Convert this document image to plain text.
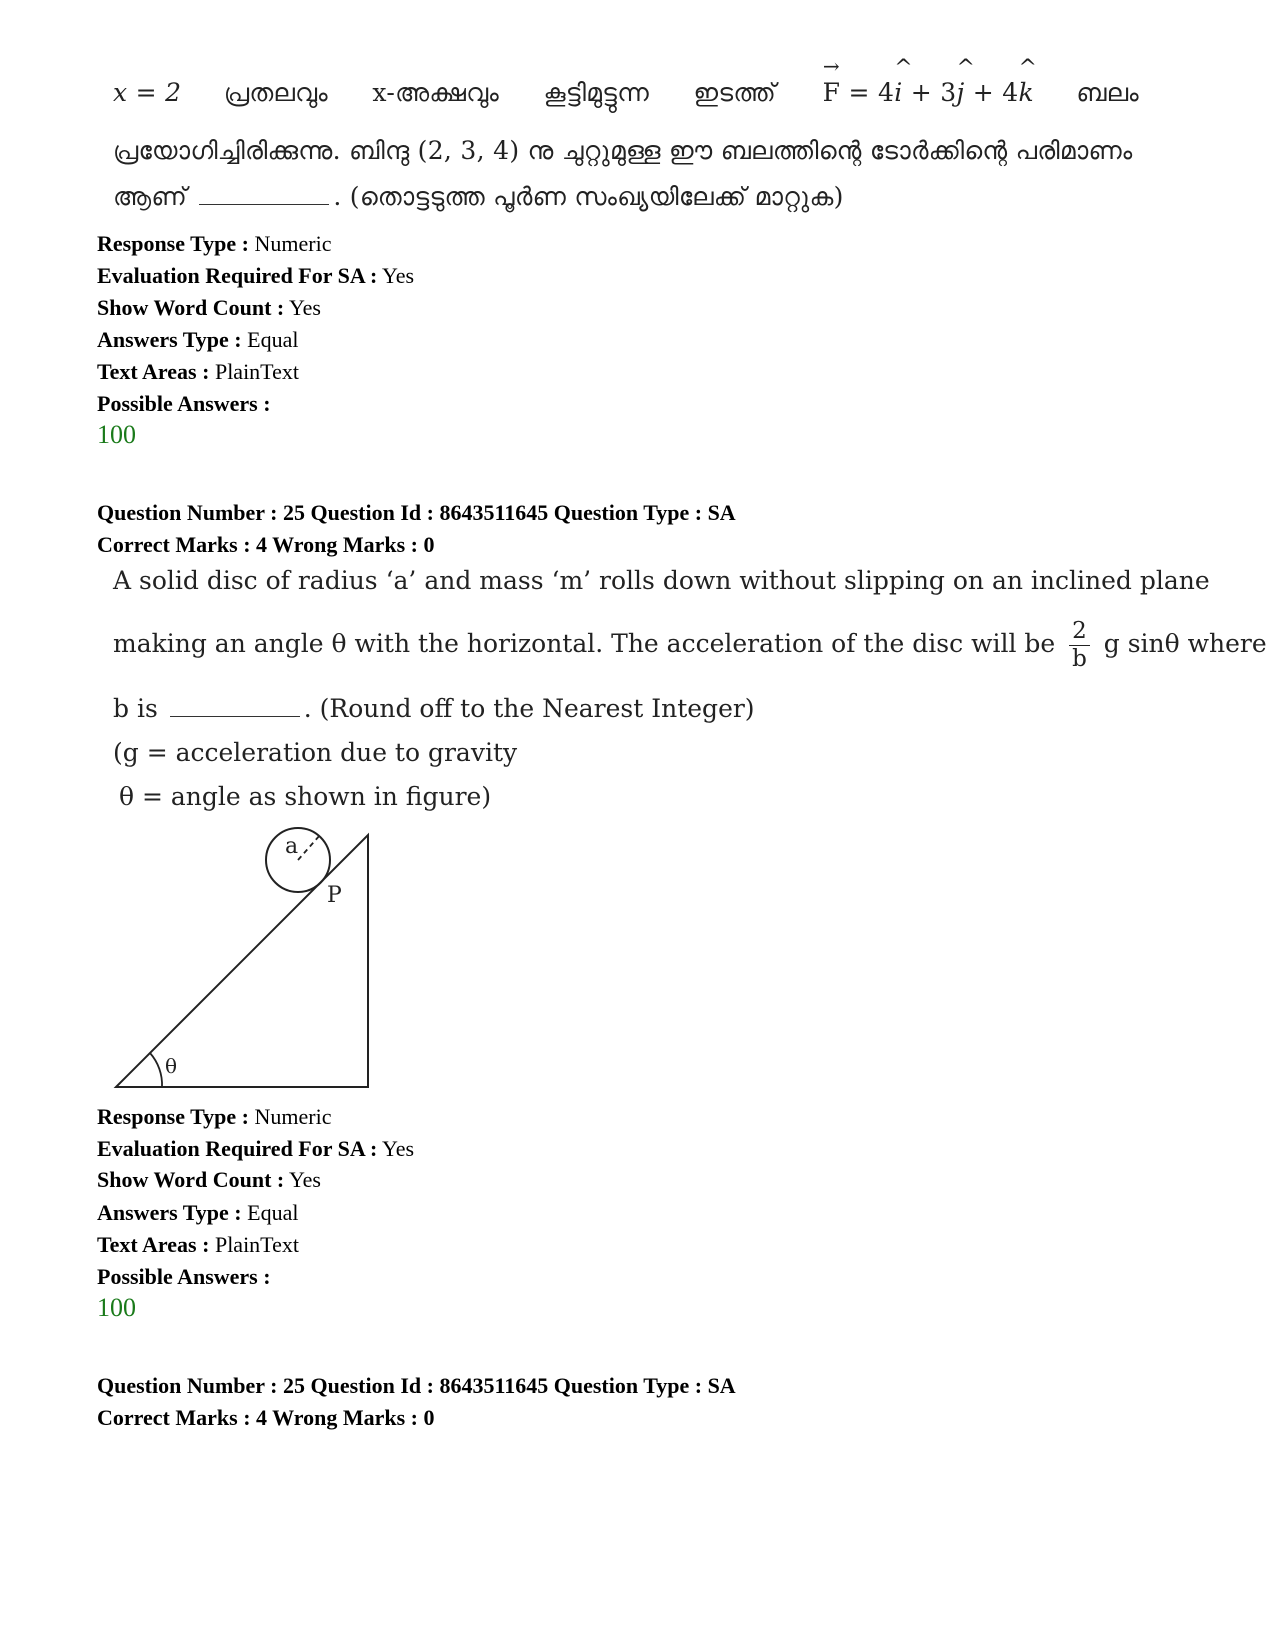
x = 2 പ്രതലവും x-അക്ഷവും കൂട്ടിമുട്ടുന്ന ഇടത്ത്  → F = 4^ i + 3^ j + 4^ k ബലം
പ്രയോഗിച്ചിരിക്കുന്നു. ബിന്ദു (2, 3, 4) നു ചുറ്റുമുള്ള ഈ ബലത്തിന്റെ ടോർക്കിന്റെ പരിമാണം
ആണ്	. (തൊട്ടടുത്ത പൂർണ സംഖ്യയിലേക്ക് മാറ്റുക)
Response Type : Numeric
Evaluation Required For SA : Yes
Show Word Count : Yes
Answers Type : Equal
Text Areas : PlainText
Possible Answers :
100
Question Number : 25 Question Id : 8643511645 Question Type : SA
Correct Marks : 4 Wrong Marks : 0
A solid disc of radius ‘a’ and mass ‘m’ rolls down without slipping on an inclined plane
making an angle θ with the horizontal. The acceleration of the disc will be $\frac{2}{b}$ g sinθ where
b is	. (Round off to the Nearest Integer)
(g = acceleration due to gravity
θ = angle as shown in figure)
a
P
θ
Response Type : Numeric
Evaluation Required For SA : Yes
Show Word Count : Yes
Answers Type : Equal
Text Areas : PlainText
Possible Answers :
100
Question Number : 25 Question Id : 8643511645 Question Type : SA
Correct Marks : 4 Wrong Marks : 0
